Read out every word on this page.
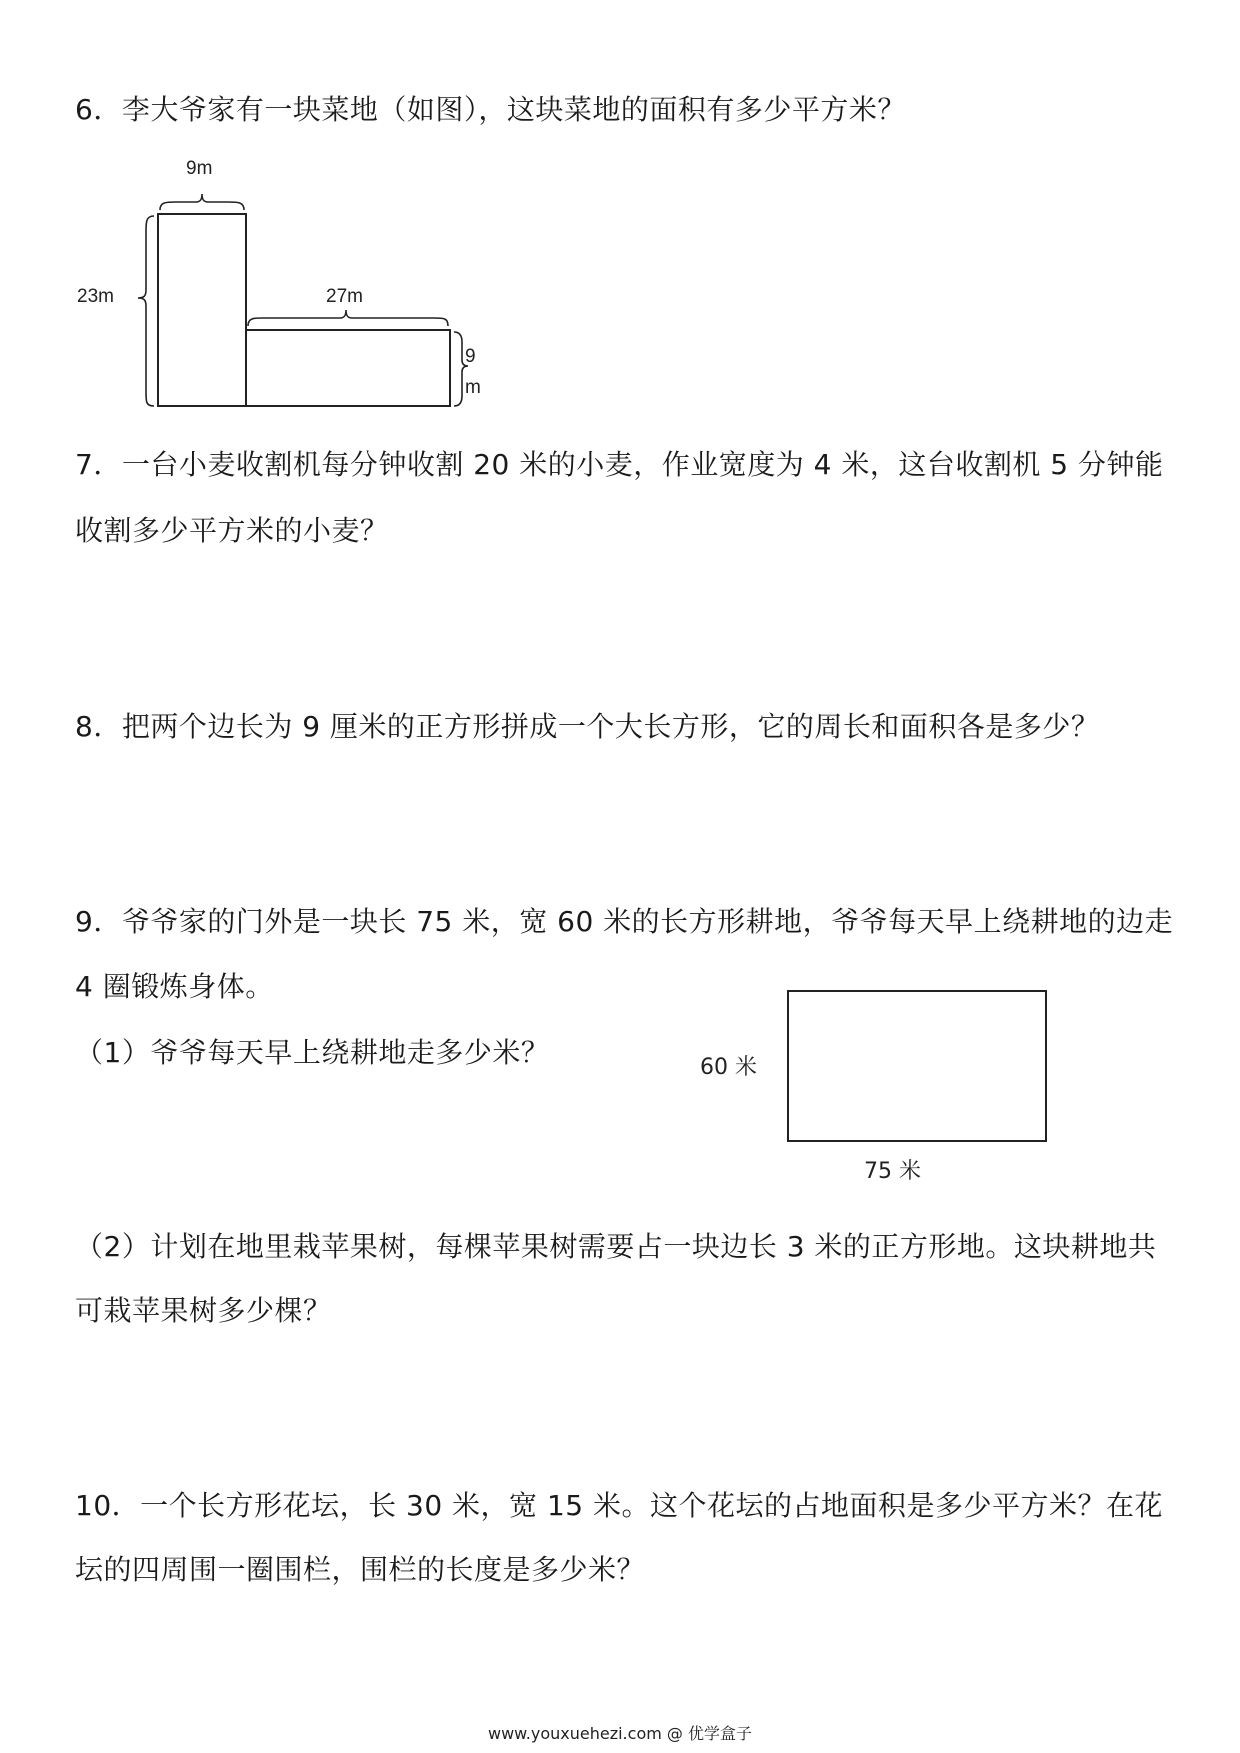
6．李大爷家有一块菜地（如图），这块菜地的面积有多少平方米？
9m
23m	27m
9
m
7．一台小麦收割机每分钟收割 20 米的小麦，作业宽度为 4 米，这台收割机 5 分钟能
收割多少平方米的小麦？
8．把两个边长为 9 厘米的正方形拼成一个大长方形，它的周长和面积各是多少？
9．爷爷家的门外是一块长 75 米，宽 60 米的长方形耕地，爷爷每天早上绕耕地的边走
4 圈锻炼身体。
（1）爷爷每天早上绕耕地走多少米？	60 米
75 米
（2）计划在地里栽苹果树，每棵苹果树需要占一块边长 3 米的正方形地。这块耕地共
可栽苹果树多少棵？
10．一个长方形花坛，长 30 米，宽 15 米。这个花坛的占地面积是多少平方米？在花
坛的四周围一圈围栏，围栏的长度是多少米？
www.youxuehezi.com @ 优学盒子
